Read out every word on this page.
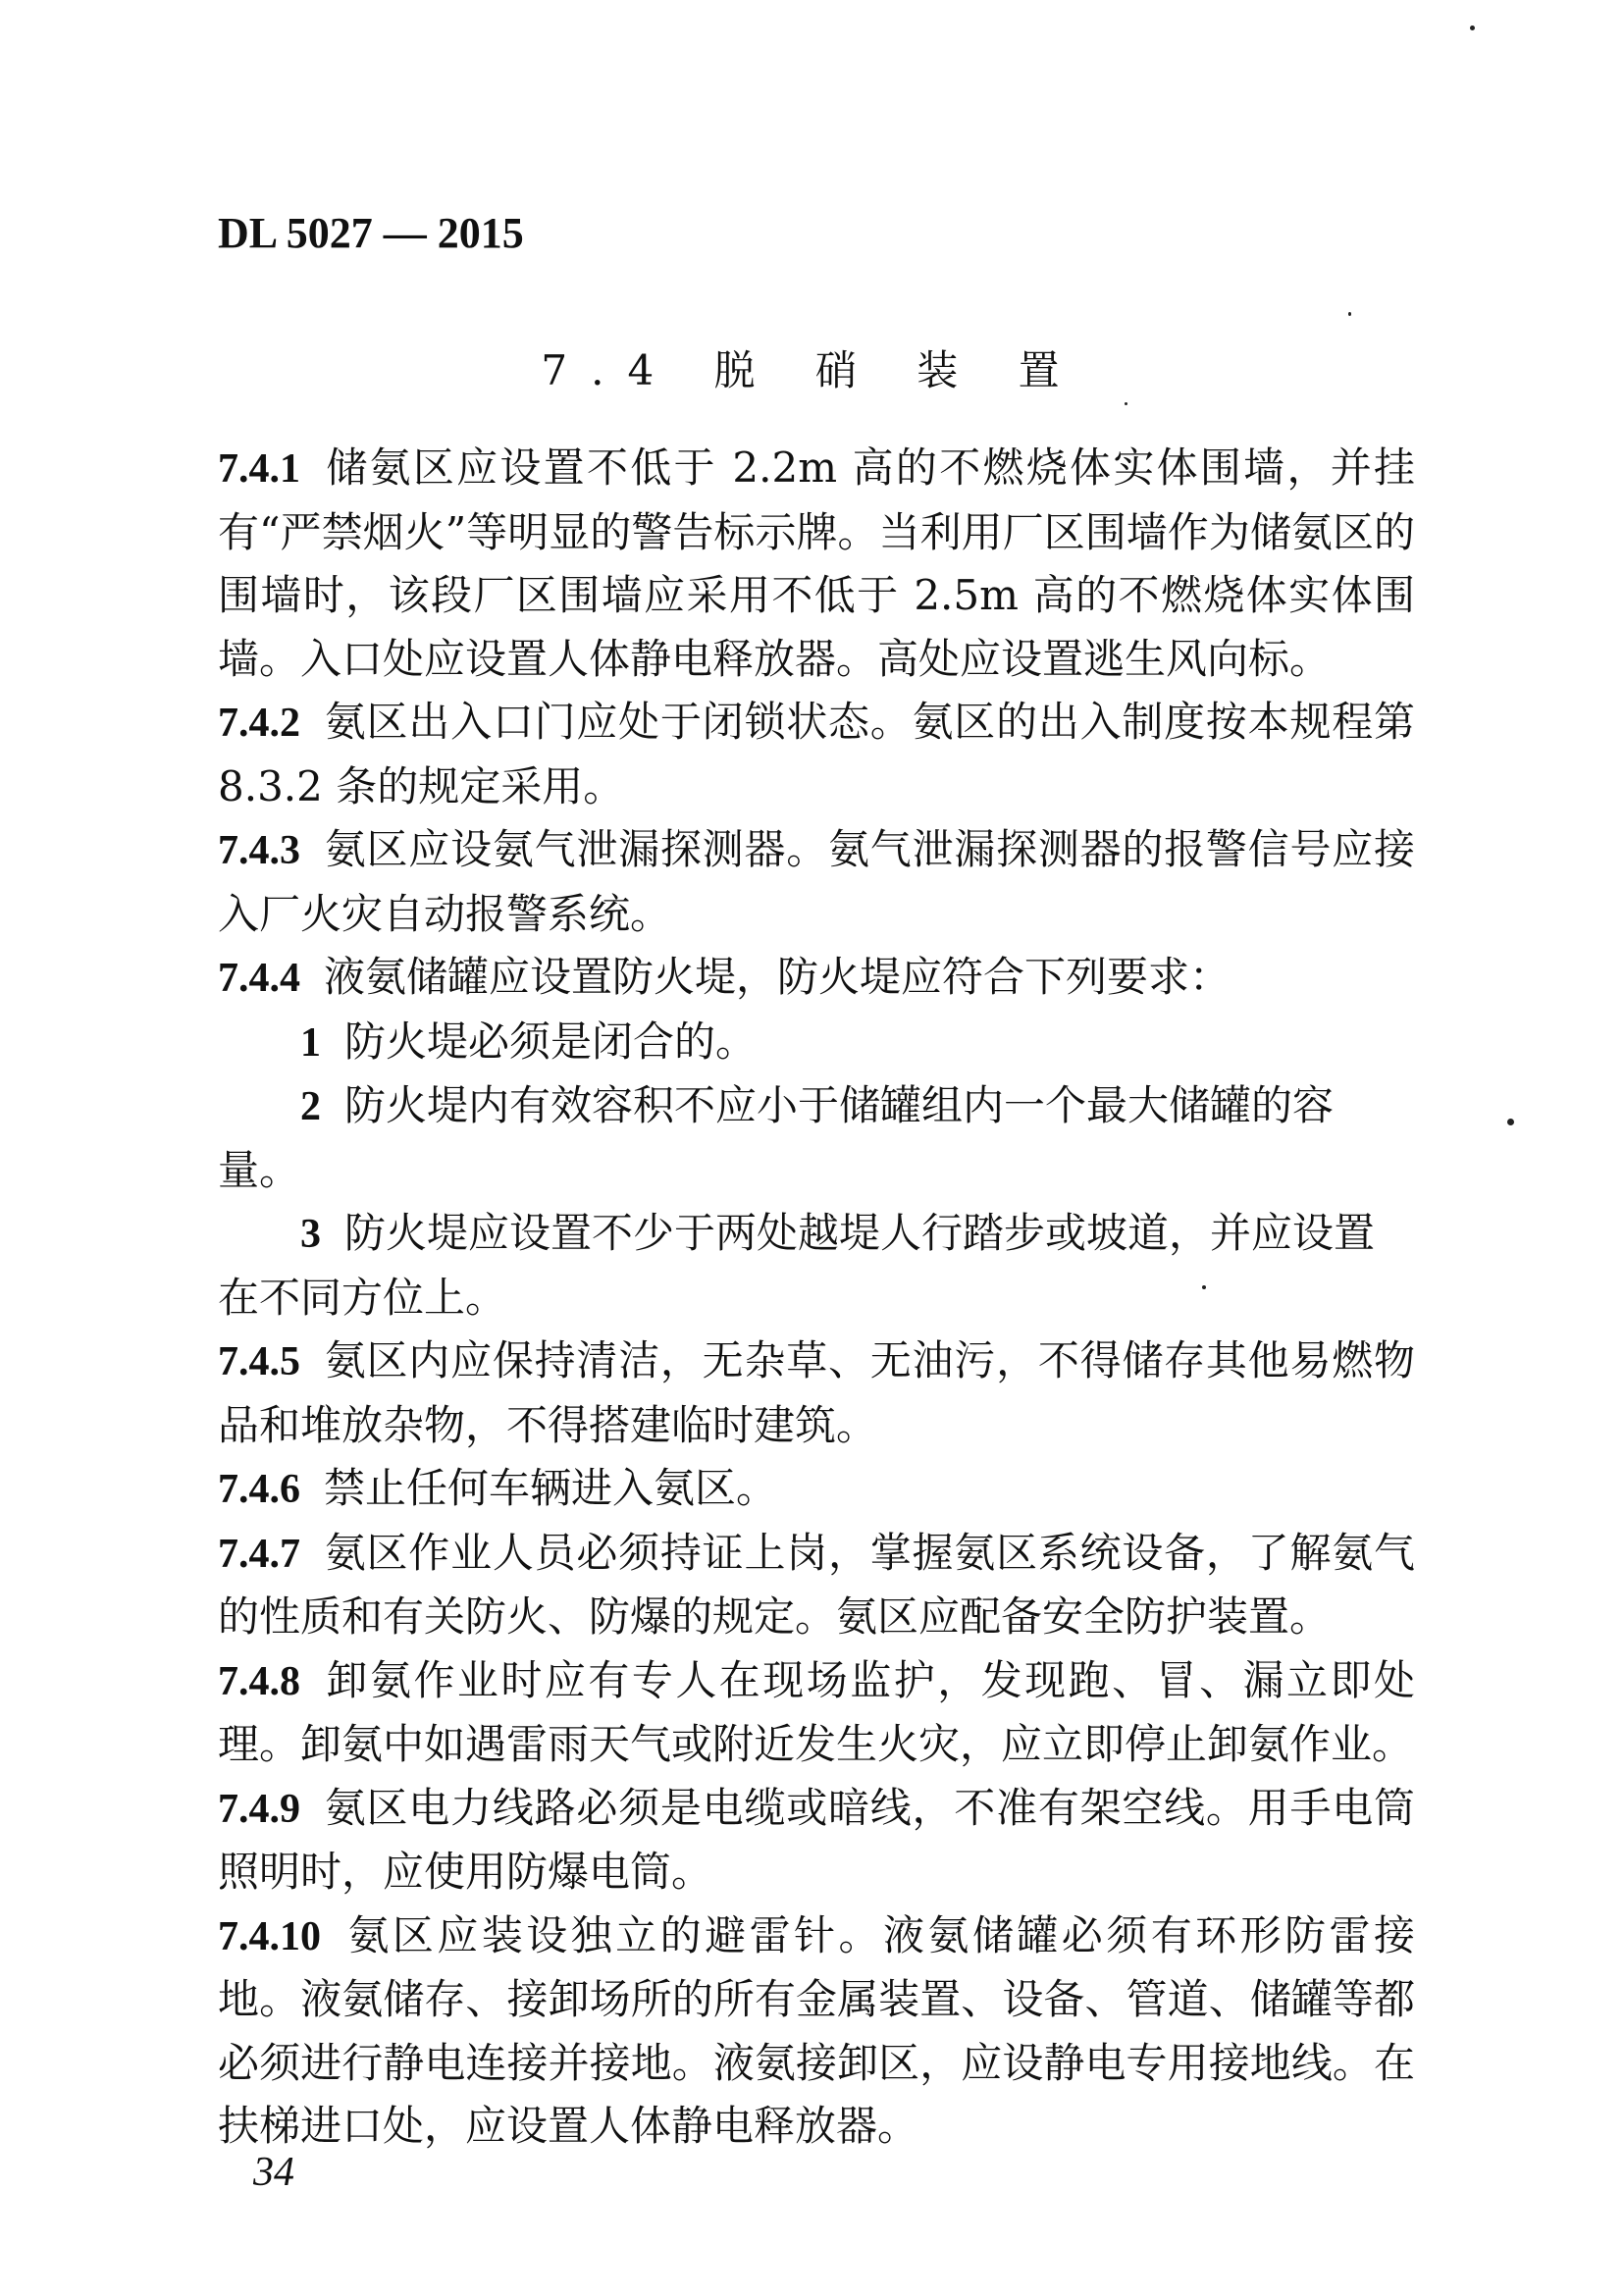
DL 5027 — 2015
7.4 脱 硝 装 置

7.4.1 储氨区应设置不低于 2.2m 高的不燃烧体实体围墙，并挂有“严禁烟火”等明显的警告标示牌。当利用厂区围墙作为储氨区的围墙时，该段厂区围墙应采用不低于 2.5m 高的不燃烧体实体围墙。入口处应设置人体静电释放器。高处应设置逃生风向标。

7.4.2 氨区出入口门应处于闭锁状态。氨区的出入制度按本规程第 8.3.2 条的规定采用。

7.4.3 氨区应设氨气泄漏探测器。氨气泄漏探测器的报警信号应接入厂火灾自动报警系统。

7.4.4 液氨储罐应设置防火堤，防火堤应符合下列要求：

1 防火堤必须是闭合的。

2 防火堤内有效容积不应小于储罐组内一个最大储罐的容量。

3 防火堤应设置不少于两处越堤人行踏步或坡道，并应设置在不同方位上。

7.4.5 氨区内应保持清洁，无杂草、无油污，不得储存其他易燃物品和堆放杂物，不得搭建临时建筑。

7.4.6 禁止任何车辆进入氨区。

7.4.7 氨区作业人员必须持证上岗，掌握氨区系统设备，了解氨气的性质和有关防火、防爆的规定。氨区应配备安全防护装置。

7.4.8 卸氨作业时应有专人在现场监护，发现跑、冒、漏立即处理。卸氨中如遇雷雨天气或附近发生火灾，应立即停止卸氨作业。

7.4.9 氨区电力线路必须是电缆或暗线，不准有架空线。用手电筒照明时，应使用防爆电筒。

7.4.10 氨区应装设独立的避雷针。液氨储罐必须有环形防雷接地。液氨储存、接卸场所的所有金属装置、设备、管道、储罐等都必须进行静电连接并接地。液氨接卸区，应设静电专用接地线。在扶梯进口处，应设置人体静电释放器。

34
